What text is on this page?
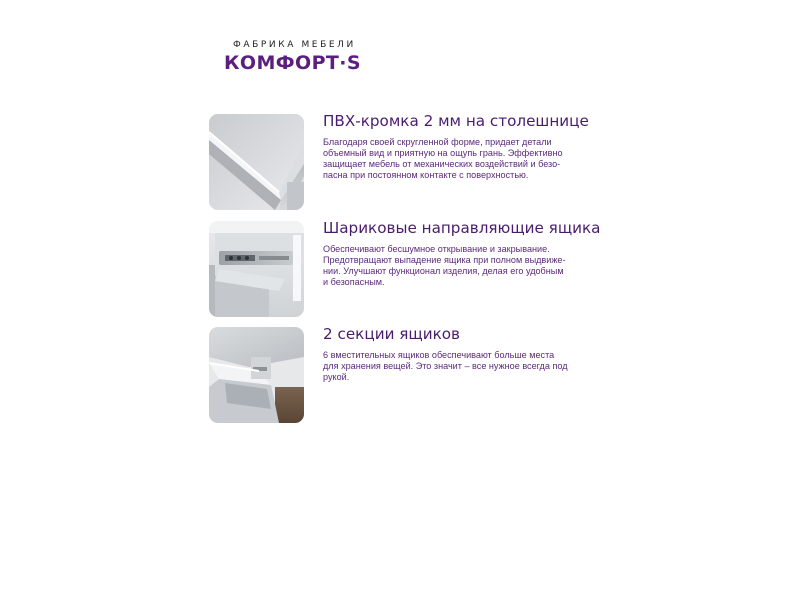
ФАБРИКА МЕБЕЛИ
КОМФОРТ·S
ПВХ-кромка 2 мм на столешнице
Благодаря своей скругленной форме, придает детали
объемный вид и приятную на ощупь грань. Эффективно
защищает мебель от механических воздействий и безо-
пасна при постоянном контакте с поверхностью.
Шариковые направляющие ящика
Обеспечивают бесшумное открывание и закрывание.
Предотвращают выпадение ящика при полном выдвиже-
нии. Улучшают функционал изделия, делая его удобным
и безопасным.
2 секции ящиков
6 вместительных ящиков обеспечивают больше места
для хранения вещей. Это значит – все нужное всегда под
рукой.
